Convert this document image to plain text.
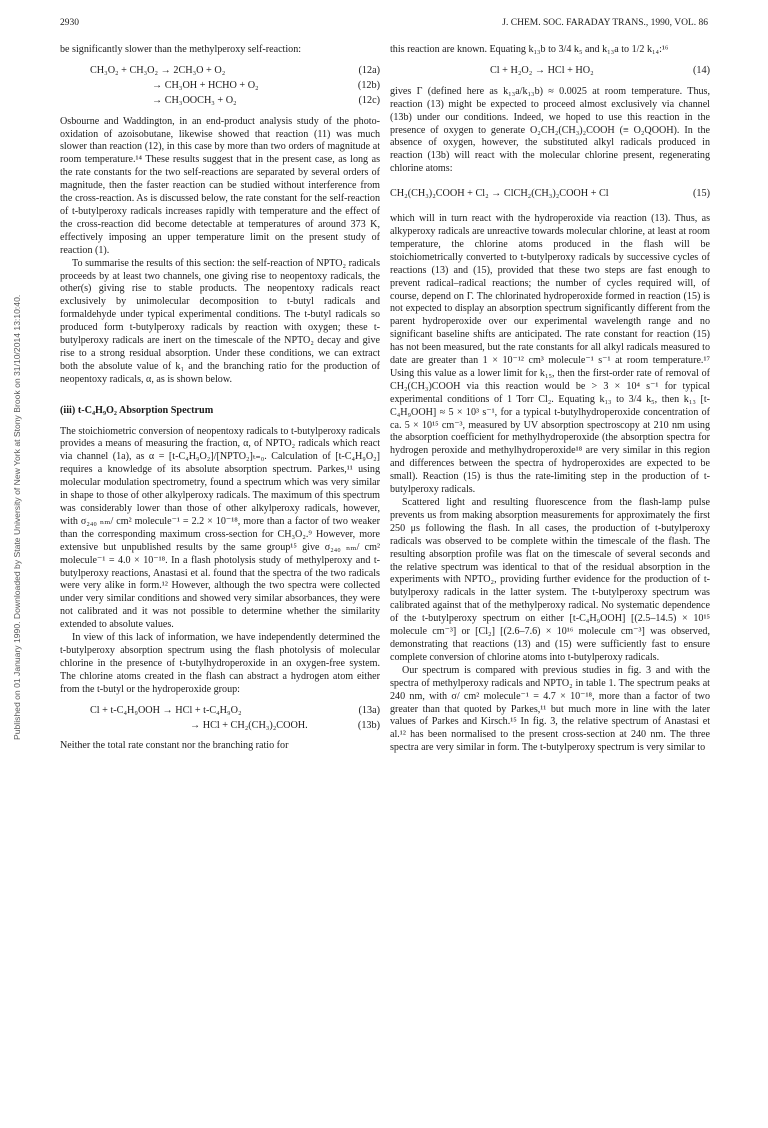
2930	J. CHEM. SOC. FARADAY TRANS., 1990, VOL. 86
Published on 01 January 1990. Downloaded by State University of New York at Stony Brook on 31/10/2014 13:10:40.

be significantly slower than the methylperoxy self-reaction:

CH₃O₂ + CH₃O₂ → 2CH₃O + O₂	(12a)
→ CH₃OH + HCHO + O₂	(12b)
→ CH₃OOCH₃ + O₂	(12c)

Osbourne and Waddington, in an end-product analysis study of the photo-oxidation of azoisobutane, likewise showed that reaction (11) was much slower than reaction (12), in this case by more than two orders of magnitude at room temperature.¹⁴ These results suggest that in the present case, as long as the rate constants for the two self-reactions are separated by several orders of magnitude, then the faster reaction can be studied without interference from the cross-reaction. As is discussed below, the rate constant for the self-reaction of t-butylperoxy radicals increases rapidly with temperature and the effect of the cross-reaction did become detectable at temperatures of around 373 K, effectively imposing an upper temperature limit on the present study of reaction (1).

To summarise the results of this section: the self-reaction of NPTO₂ radicals proceeds by at least two channels, one giving rise to neopentoxy radicals, the other(s) giving rise to stable products. The neopentoxy radicals react exclusively by unimolecular decomposition to t-butyl radicals and formaldehyde under typical experimental conditions. The t-butyl radicals so produced form t-butylperoxy radicals by reaction with oxygen; these t-butylperoxy radicals are inert on the timescale of the NPTO₂ decay and give rise to a strong residual absorption. Under these conditions, we can extract both the absolute value of k₁ and the branching ratio for the production of neopentoxy radicals, α, as is shown below.

(iii) t-C₄H₉O₂ Absorption Spectrum

The stoichiometric conversion of neopentoxy radicals to t-butylperoxy radicals provides a means of measuring the fraction, α, of NPTO₂ radicals which react via channel (1a), as α = [t-C₄H₉O₂]/[NPTO₂]ₜ₌₀. Calculation of [t-C₄H₉O₂] requires a knowledge of its absolute absorption spectrum. Parkes,¹¹ using molecular modulation spectrometry, found a spectrum which was very similar in shape to those of other alkylperoxy radicals. The maximum of this spectrum was considerably lower than those of other alkylperoxy radicals, however, with σ₂₄₀ ₙₘ/ cm² molecule⁻¹ = 2.2 × 10⁻¹⁸, more than a factor of two weaker than the corresponding maximum cross-section for CH₃O₂.⁹ However, more extensive but unpublished results by the same group¹⁵ give σ₂₄₀ ₙₘ/ cm² molecule⁻¹ = 4.0 × 10⁻¹⁸. In a flash photolysis study of methylperoxy and t-butylperoxy reactions, Anastasi et al. found that the spectra of the two radicals were very alike in form.¹² However, although the two spectra were collected under very similar conditions and showed very similar absorbances, they were not calibrated and it was not possible to determine whether the similarity extended to absolute values.

In view of this lack of information, we have independently determined the t-butylperoxy absorption spectrum using the flash photolysis of molecular chlorine in the presence of t-butylhydroperoxide in an oxygen-free system. The chlorine atoms created in the flash can abstract a hydrogen atom either from the t-butyl or the hydroperoxide group:

Cl + t-C₄H₉OOH → HCl + t-C₄H₉O₂	(13a)
→ HCl + CH₂(CH₃)₂COOH.	(13b)

Neither the total rate constant nor the branching ratio for

this reaction are known. Equating k₁₃b to 3/4 k₅ and k₁₃a to 1/2 k₁₄:¹⁶

Cl + H₂O₂ → HCl + HO₂	(14)

gives Γ (defined here as k₁₃a/k₁₃b) ≈ 0.0025 at room temperature. Thus, reaction (13) might be expected to proceed almost exclusively via channel (13b) under our conditions. Indeed, we hoped to use this reaction in the presence of oxygen to generate O₂CH₂(CH₃)₂COOH (≡ O₂QOOH). In the absence of oxygen, however, the substituted alkyl radicals produced in reaction (13b) will react with the molecular chlorine present, regenerating chlorine atoms:

CH₂(CH₃)₂COOH + Cl₂ → ClCH₂(CH₃)₂COOH + Cl	(15)

which will in turn react with the hydroperoxide via reaction (13). Thus, as alkyperoxy radicals are unreactive towards molecular chlorine, at least at room temperature, the chlorine atoms produced in the flash will be stoichiometrically converted to t-butylperoxy radicals by successive cycles of reactions (13) and (15), provided that these two steps are fast enough to prevent radical–radical reactions; the number of cycles required will, of course, depend on Γ. The chlorinated hydroperoxide formed in reaction (15) is not expected to display an absorption spectrum significantly different from the parent hydroperoxide over our experimental wavelength range and no significant baseline shifts are anticipated. The rate constant for reaction (15) has not been measured, but the rate constants for all alkyl radicals measured to date are greater than 1 × 10⁻¹² cm³ molecule⁻¹ s⁻¹ at room temperature.¹⁷ Using this value as a lower limit for k₁₅, then the first-order rate of removal of CH₂(CH₃)COOH via this reaction would be > 3 × 10⁴ s⁻¹ for typical experimental conditions of 1 Torr Cl₂. Equating k₁₃ to 3/4 k₅, then k₁₃ [t-C₄H₉OOH] ≈ 5 × 10³ s⁻¹, for a typical t-butylhydroperoxide concentration of ca. 5 × 10¹⁵ cm⁻³, measured by UV absorption spectroscopy at 210 nm using the absorption coefficient for methylhydroperoxide (the absorption spectra for hydrogen peroxide and methylhydroperoxide¹⁸ are very similar in this region and differences between the spectra of hydroperoxides are expected to be small). Reaction (15) is thus the rate-limiting step in the production of t-butylperoxy radicals.

Scattered light and resulting fluorescence from the flash-lamp pulse prevents us from making absorption measurements for approximately the first 250 μs following the flash. In all cases, the production of t-butylperoxy radicals was observed to be complete within the timescale of the flash. The resulting absorption profile was flat on the timescale of several seconds and the relative spectrum was identical to that of the residual absorption in the experiments with NPTO₂, providing further evidence for the production of t-butylperoxy radicals in the latter system. The t-butylperoxy spectrum was calibrated against that of the methylperoxy radical. No systematic dependence of the t-butylperoxy spectrum on either [t-C₄H₉OOH] [(2.5–14.5) × 10¹⁵ molecule cm⁻³] or [Cl₂] [(2.6–7.6) × 10¹⁶ molecule cm⁻³] was observed, demonstrating that reactions (13) and (15) were sufficiently fast to ensure complete conversion of chlorine atoms into t-butylperoxy radicals.

Our spectrum is compared with previous studies in fig. 3 and with the spectra of methylperoxy radicals and NPTO₂ in table 1. The spectrum peaks at 240 nm, with σ/ cm² molecule⁻¹ = 4.7 × 10⁻¹⁸, more than a factor of two greater than that quoted by Parkes,¹¹ but much more in line with the later values of Parkes and Kirsch.¹⁵ In fig. 3, the relative spectrum of Anastasi et al.¹² has been normalised to the present cross-section at 240 nm. The three spectra are very similar in form. The t-butylperoxy spectrum is very similar to
